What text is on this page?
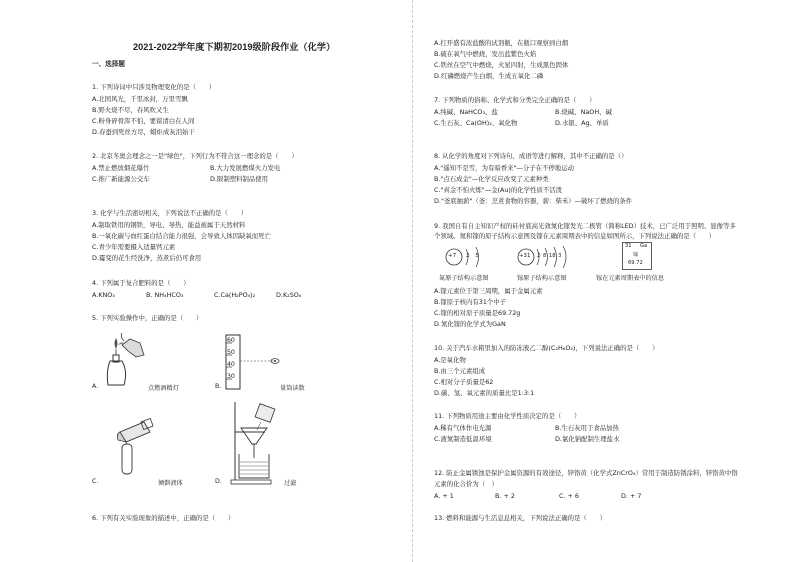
2021-2022学年度下期初2019级阶段作业（化学）
一、选择题
1. 下列诗词中只涉及物理变化的是（　　）
A.北国风光，千里冰封，万里雪飘
B.野火烧不尽，春风吹又生
C.粉身碎骨浑不怕，要留清白在人间
D.春蚕到死丝方尽，蜡炬成灰泪始干
2. 北京冬奥会理念之一是"绿色"，下列行为不符合这一理念的是（　　）
A.禁止燃放烟花爆竹	B.大力发展燃煤火力发电
C.推广新能源公交车	D.限制塑料制品使用
3. 化学与生活密切相关，下列说法不正确的是（　　）
A.制取铁用的钢铁，导电、导热，能益被属于天然材料
B.一氧化碳与血红蛋白结合能力很强，会导致人体因缺氧而死亡
C.青少年需要摄入适量钙元素
D.霉变的花生经洗净，蒸煮后仍可食用
4. 下列属于复合肥料的是（　　）
A.KNO₃	B. NH₄HCO₃	C.Ca(H₂PO₄)₂	D.K₂SO₄
5. 下列实验操作中，正确的是（　　）
A.	点燃酒精灯
60
50
40
30
B.	量筒读数
C.	倾倒液体	D.	过滤
6. 下列有关实验现象的描述中，正确的是（　　）
A.打开盛有浓盐酸的试剂瓶，在瓶口观察到白烟
B.硫在氧气中燃烧，发出蓝紫色火焰
C.铁丝在空气中燃烧，火星四射，生成黑色固体
D.红磷燃烧产生白烟，生成五氧化二磷
7. 下列物质的俗称、化学式和分类完全正确的是（　　）
A.纯碱、NaHCO₃、盐	B.烧碱、NaOH、碱
C.生石灰、Ca(OH)₂、氧化物	D.水银、Ag、单质
8. 从化学的角度对下列诗句、成语等进行解释，其中不正确的是（）
A."遥知不是雪，为有暗香来"—分子在不停地运动
B."点石成金"—化学反应改变了元素种类
C."真金不怕火炼"—金(Au)的化学性质不活泼
D."釜底抽薪"（釜：烹煮食物的容器，薪：柴禾）—破坏了燃烧的条件
9. 我国自有自主知识产权的硅衬底高光效氮化镓发光二极管（简称LED）技术，已广泛用于照明、显像等多
个领域。氮和镓的原子结构示意图及镓在元素周期表中的信息如图所示，下列说法正确的是（　　）
+7 2 5	+31 2 8 18 3
31 Ga
镓
69.72
氮原子结构示意图	镓原子结构示意图	镓在元素周期表中的信息
A.镓元素位于第三周期，属于金属元素
B.镓原子核内有31个中子
C.镓的相对原子质量是69.72g
D.氮化镓的化学式为GaN
10. 关于汽车水箱里加入的防冻液乙二醇(C₂H₆O₂)，下列说法正确的是（　　）
A.是氧化物
B.由三个元素组成
C.相对分子质量是62
D.碳、氢、氧元素的质量比是1:3:1
11. 下列物质用途主要由化学性质决定的是（　　）
A.稀有气体作电光源	B.生石灰用于食品加热
C.液氮制造低温环境	D.氯化钠配制生理盐水
12. 防止金属锈蚀是保护金属资源的有效途径，锌铬黄（化学式ZnCrO₄）常用于制造防锈涂料，锌铬黄中铬
元素的化合价为（　）
A. + 1	B. + 2	C. + 6	D. + 7
13. 燃料和能源与生活息息相关，下列说法正确的是（　　）
